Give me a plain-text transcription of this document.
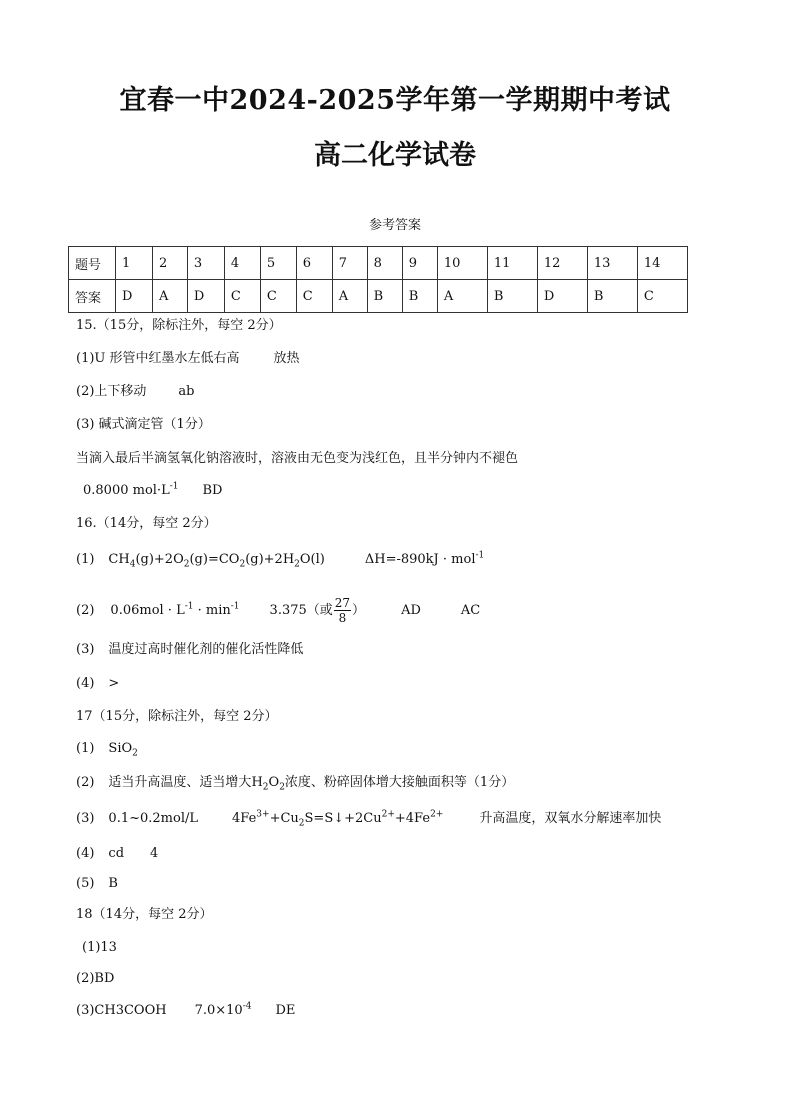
宜春一中2024-2025学年第一学期期中考试
高二化学试卷
参考答案
题号	1	2	3	4	5	6	7	8	9	10	11	12	13	14
答案	D	A	D	C	C	C	A	B	B	A	B	D	B	C
15.（15分，除标注外，每空 2分）
(1)U 形管中红墨水左低右高	放热
(2)上下移动 ab
(3) 碱式滴定管（1分）
当滴入最后半滴氢氧化钠溶液时，溶液由无色变为浅红色，且半分钟内不褪色
0.8000 $mol\cdot L^{-1}$ BD
16.（14分，每空 2分）
(1) $CH_4(g)+2O_2(g)=CO_2(g)+2H_2O(l)$	ΔH=-890kJ · mol$^{-1}$
(2) $0.06mol \cdot L^{-1} \cdot \min^{-1} 3.375$（或 $\frac{27}{8}$ ）	AD	AC
(3) 温度过高时催化剂的催化活性降低
(4) >
17（15分，除标注外，每空 2分）
(1) SiO$_2$
(2) 适当升高温度、适当增大$H_2O_2$浓度、粉碎固体增大接触面积等（1分）
(3) 0.1~0.2mol/L	$4Fe^{3+}+Cu_2S=S↓+2Cu^{2+}+4Fe^{2+}$	升高温度，双氧水分解速率加快
(4) cd 4
(5) B
18（14分，每空 2分）
(1)13
(2)BD
(3)CH3COOH $7.0\times 10^{-4}$ DE
